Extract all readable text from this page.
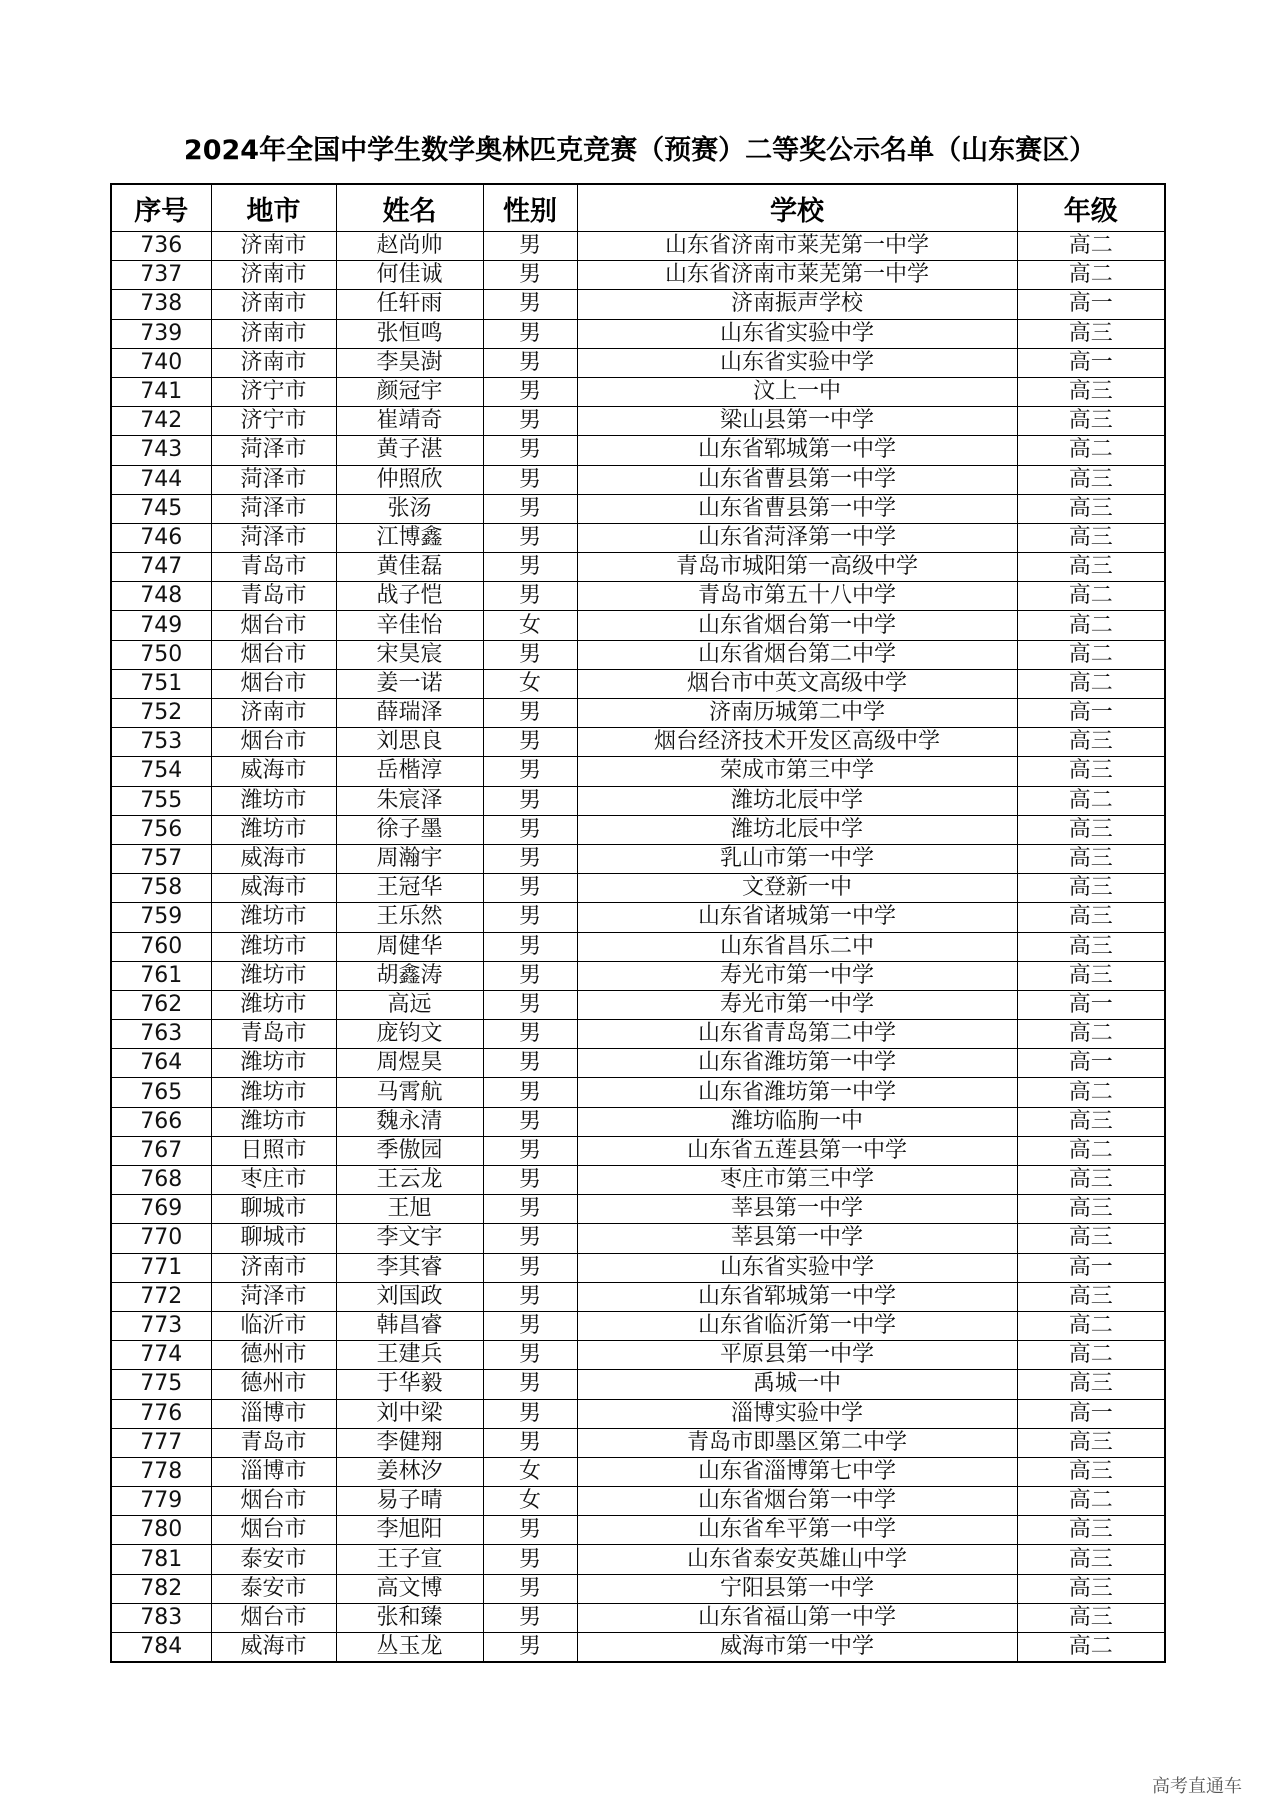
2024年全国中学生数学奥林匹克竞赛（预赛）二等奖公示名单（山东赛区）
序号	地市	姓名	性别	学校	年级
736	济南市	赵尚帅	男	山东省济南市莱芜第一中学	高二
737	济南市	何佳诚	男	山东省济南市莱芜第一中学	高二
738	济南市	任轩雨	男	济南振声学校	高一
739	济南市	张恒鸣	男	山东省实验中学	高三
740	济南市	李昊澍	男	山东省实验中学	高一
741	济宁市	颜冠宇	男	汶上一中	高三
742	济宁市	崔靖奇	男	梁山县第一中学	高三
743	菏泽市	黄子湛	男	山东省郓城第一中学	高二
744	菏泽市	仲照欣	男	山东省曹县第一中学	高三
745	菏泽市	张汤	男	山东省曹县第一中学	高三
746	菏泽市	江博鑫	男	山东省菏泽第一中学	高三
747	青岛市	黄佳磊	男	青岛市城阳第一高级中学	高三
748	青岛市	战子恺	男	青岛市第五十八中学	高二
749	烟台市	辛佳怡	女	山东省烟台第一中学	高二
750	烟台市	宋昊宸	男	山东省烟台第二中学	高二
751	烟台市	姜一诺	女	烟台市中英文高级中学	高二
752	济南市	薛瑞泽	男	济南历城第二中学	高一
753	烟台市	刘思良	男	烟台经济技术开发区高级中学	高三
754	威海市	岳楷淳	男	荣成市第三中学	高三
755	潍坊市	朱宸泽	男	潍坊北辰中学	高二
756	潍坊市	徐子墨	男	潍坊北辰中学	高三
757	威海市	周瀚宇	男	乳山市第一中学	高三
758	威海市	王冠华	男	文登新一中	高三
759	潍坊市	王乐然	男	山东省诸城第一中学	高三
760	潍坊市	周健华	男	山东省昌乐二中	高三
761	潍坊市	胡鑫涛	男	寿光市第一中学	高三
762	潍坊市	高远	男	寿光市第一中学	高一
763	青岛市	庞钧文	男	山东省青岛第二中学	高二
764	潍坊市	周煜昊	男	山东省潍坊第一中学	高一
765	潍坊市	马霄航	男	山东省潍坊第一中学	高二
766	潍坊市	魏永清	男	潍坊临朐一中	高三
767	日照市	季傲园	男	山东省五莲县第一中学	高二
768	枣庄市	王云龙	男	枣庄市第三中学	高三
769	聊城市	王旭	男	莘县第一中学	高三
770	聊城市	李文宇	男	莘县第一中学	高三
771	济南市	李其睿	男	山东省实验中学	高一
772	菏泽市	刘国政	男	山东省郓城第一中学	高三
773	临沂市	韩昌睿	男	山东省临沂第一中学	高二
774	德州市	王建兵	男	平原县第一中学	高二
775	德州市	于华毅	男	禹城一中	高三
776	淄博市	刘中梁	男	淄博实验中学	高一
777	青岛市	李健翔	男	青岛市即墨区第二中学	高三
778	淄博市	姜林汐	女	山东省淄博第七中学	高三
779	烟台市	易子晴	女	山东省烟台第一中学	高二
780	烟台市	李旭阳	男	山东省牟平第一中学	高三
781	泰安市	王子宣	男	山东省泰安英雄山中学	高三
782	泰安市	高文博	男	宁阳县第一中学	高三
783	烟台市	张和臻	男	山东省福山第一中学	高三
784	威海市	丛玉龙	男	威海市第一中学	高二
高考直通车
